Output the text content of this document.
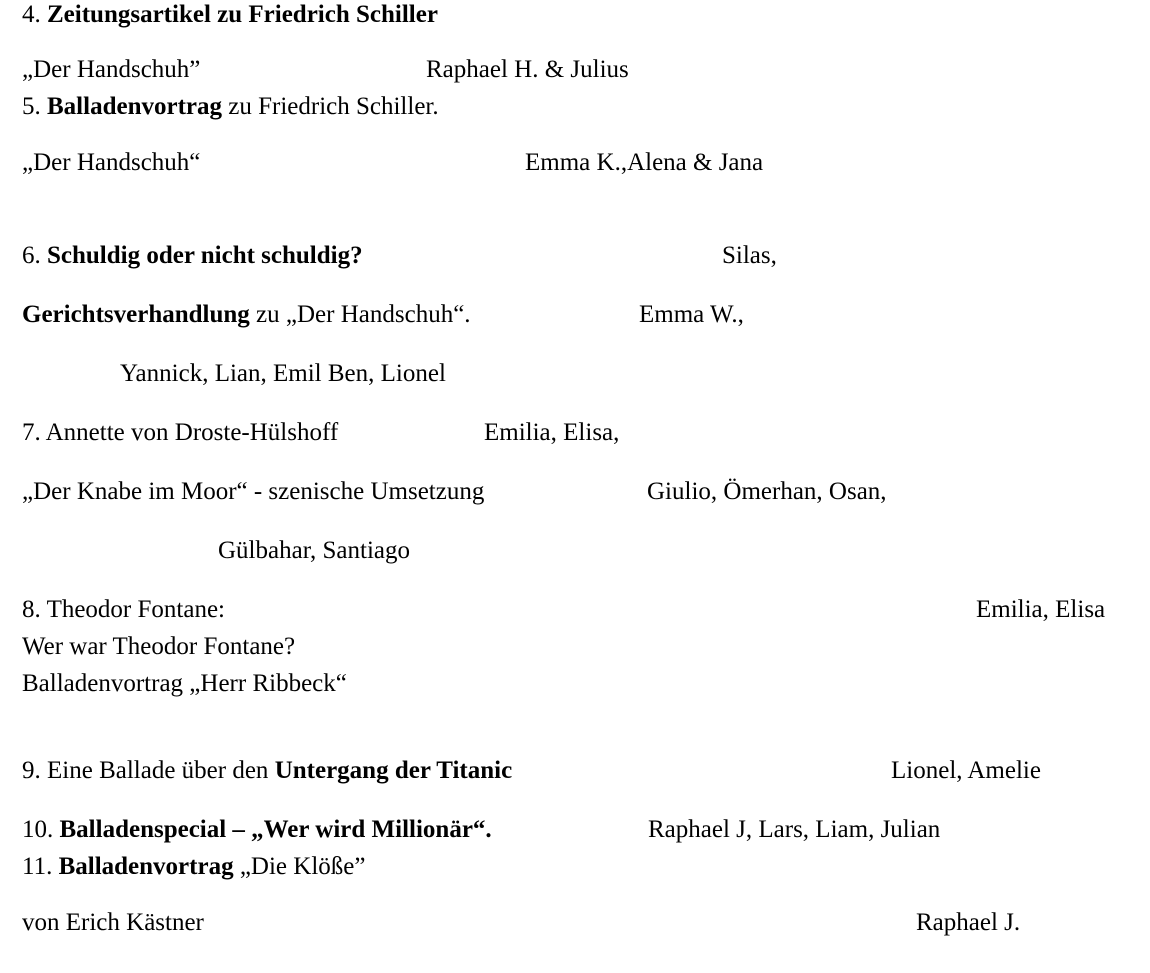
4. Zeitungsartikel zu Friedrich Schiller

„Der Handschuh”	Raphael H. & Julius

5. Balladenvortrag zu Friedrich Schiller.

„Der Handschuh“	Emma K.,Alena & Jana

6. Schuldig oder nicht schuldig?	Silas,

Gerichtsverhandlung zu „Der Handschuh“.	Emma W.,

Yannick, Lian, Emil Ben, Lionel

7. Annette von Droste-Hülshoff	Emilia, Elisa,

„Der Knabe im Moor“ - szenische Umsetzung	Giulio, Ömerhan, Osan,

Gülbahar, Santiago

8. Theodor Fontane:	Emilia, Elisa

Wer war Theodor Fontane?

Balladenvortrag „Herr Ribbeck“

9. Eine Ballade über den Untergang der Titanic	Lionel, Amelie

10. Balladenspecial – „Wer wird Millionär“.	Raphael J, Lars, Liam, Julian

11. Balladenvortrag „Die Klöße”

von Erich Kästner	Raphael J.
